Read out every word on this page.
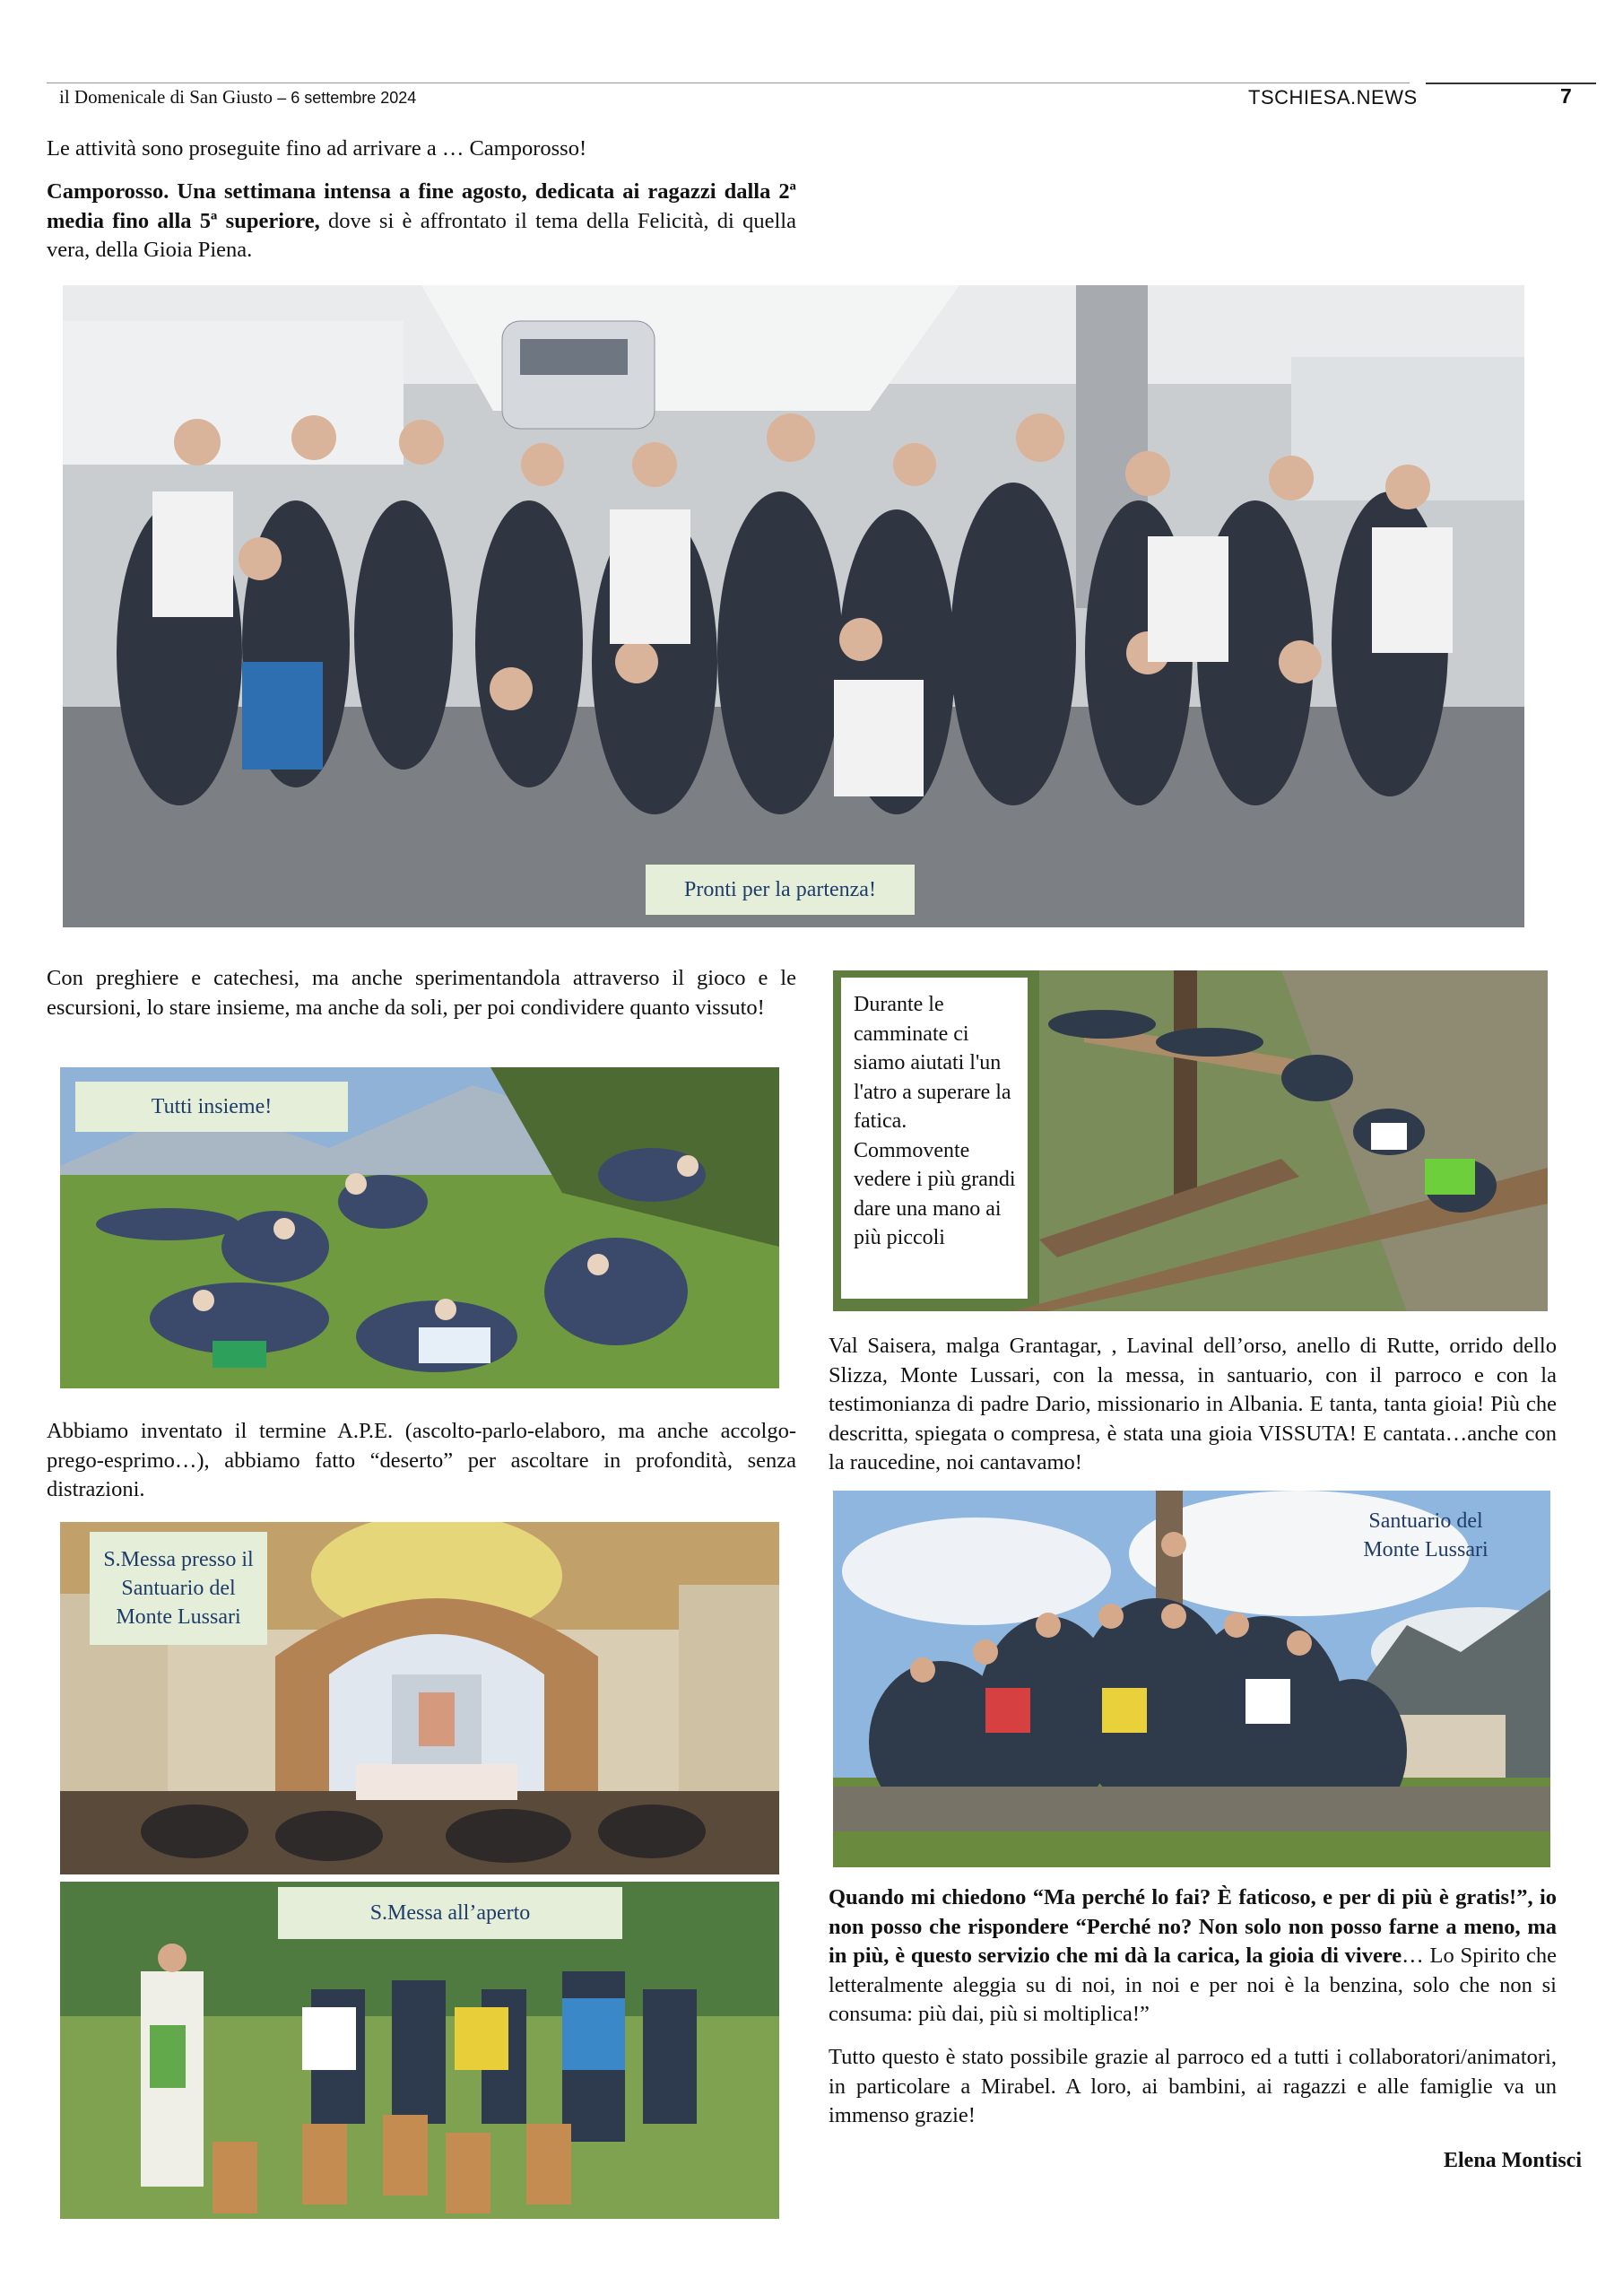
il Domenicale di San Giusto – 6 settembre 2024	TSCHIESA.NEWS	7
Le attività sono proseguite fino ad arrivare a … Camporosso!
Camporosso. Una settimana intensa a fine agosto, dedicata ai ragazzi dalla 2ª media fino alla 5ª superiore, dove si è affrontato il tema della Felicità, di quella vera, della Gioia Piena.
Pronti per la partenza!
Con preghiere e catechesi, ma anche sperimentandola attraverso il gioco e le escursioni, lo stare insieme, ma anche da soli, per poi condividere quanto vissuto!
Tutti insieme!
Abbiamo inventato il termine A.P.E. (ascolto-parlo-elaboro, ma anche accolgo-prego-esprimo…), abbiamo fatto “deserto” per ascoltare in profondità, senza distrazioni.
S.Messa presso il Santuario del Monte Lussari
S.Messa all’aperto
Durante le camminate ci siamo aiutati l'un l'atro a superare la fatica. Commovente vedere i più grandi dare una mano ai più piccoli
Val Saisera, malga Grantagar, , Lavinal dell’orso, anello di Rutte, orrido dello Slizza, Monte Lussari, con la messa, in santuario, con il parroco e con la testimonianza di padre Dario, missionario in Albania. E tanta, tanta gioia! Più che descritta, spiegata o compresa, è stata una gioia VISSUTA! E cantata…anche con la raucedine, noi cantavamo!
Santuario del Monte Lussari
Quando mi chiedono “Ma perché lo fai? È faticoso, e per di più è gratis!”, io non posso che rispondere “Perché no? Non solo non posso farne a meno, ma in più, è questo servizio che mi dà la carica, la gioia di vivere… Lo Spirito che letteralmente aleggia su di noi, in noi e per noi è la benzina, solo che non si consuma: più dai, più si moltiplica!”
Tutto questo è stato possibile grazie al parroco ed a tutti i collaboratori/animatori, in particolare a Mirabel. A loro, ai bambini, ai ragazzi e alle famiglie va un immenso grazie!
Elena Montisci
